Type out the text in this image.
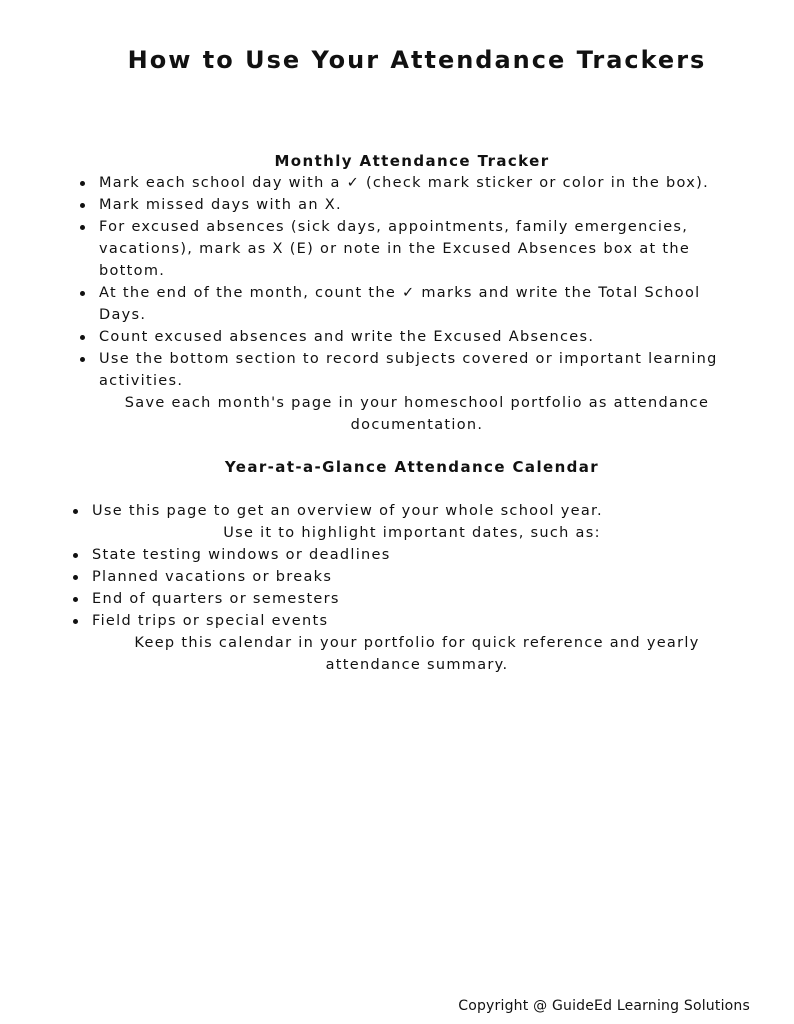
How to Use Your Attendance Trackers

Monthly Attendance Tracker

Mark each school day with a ✓ (check mark sticker or color in the box).
Mark missed days with an X.
For excused absences (sick days, appointments, family emergencies, vacations), mark as X (E) or note in the Excused Absences box at the bottom.
At the end of the month, count the ✓ marks and write the Total School Days.
Count excused absences and write the Excused Absences.
Use the bottom section to record subjects covered or important learning activities.

Save each month's page in your homeschool portfolio as attendance documentation.

Year-at-a-Glance Attendance Calendar

Use this page to get an overview of your whole school year.

Use it to highlight important dates, such as:

State testing windows or deadlines
Planned vacations or breaks
End of quarters or semesters
Field trips or special events

Keep this calendar in your portfolio for quick reference and yearly attendance summary.

Copyright @ GuideEd Learning Solutions
